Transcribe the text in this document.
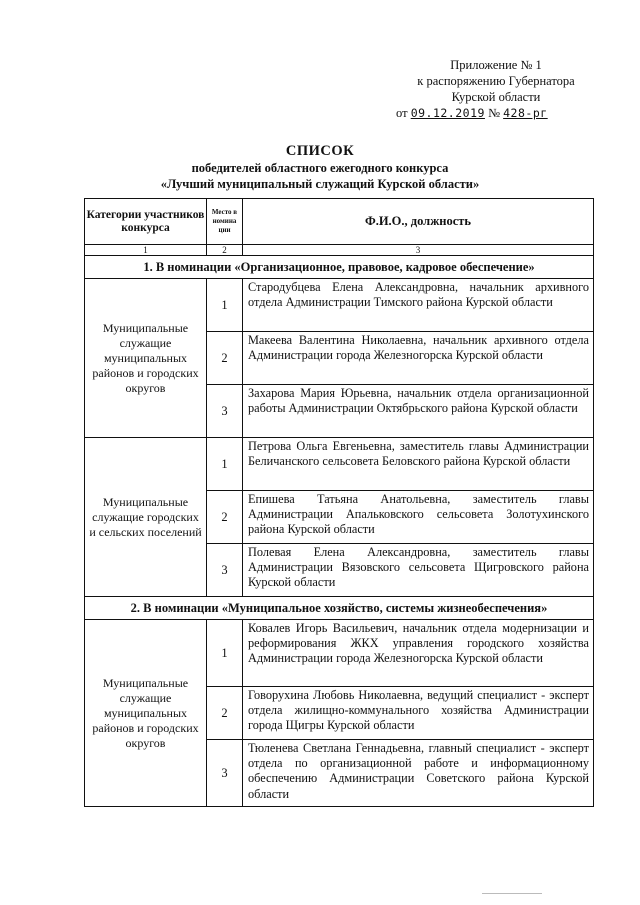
Приложение № 1
к распоряжению Губернатора
Курской области
от 09.12.2019 № 428-рг
СПИСОК
победителей областного ежегодного конкурса
«Лучший муниципальный служащий Курской области»
Категории участников конкурса	Место в номина ции	Ф.И.О., должность
1	2	3
1. В номинации «Организационное, правовое, кадровое обеспечение»		
Муниципальные служащие муниципальных районов и городских округов	1	Стародубцева Елена Александровна, начальник архивного отдела Администрации Тимского района Курской области
	2	Макеева Валентина Николаевна, начальник архивного отдела Администрации города Железногорска Курской области
	3	Захарова Мария Юрьевна, начальник отдела организационной работы Администрации Октябрьского района Курской области
Муниципальные служащие городских и сельских поселений	1	Петрова Ольга Евгеньевна, заместитель главы Администрации Беличанского сельсовета Беловского района Курской области
	2	Епишева Татьяна Анатольевна, заместитель главы Администрации Апальковского сельсовета Золотухинского района Курской области
	3	Полевая Елена Александровна, заместитель главы Администрации Вязовского сельсовета Щигровского района Курской области
2. В номинации «Муниципальное хозяйство, системы жизнеобеспечения»		
Муниципальные служащие муниципальных районов и городских округов	1	Ковалев Игорь Васильевич, начальник отдела модернизации и реформирования ЖКХ управления городского хозяйства Администрации города Железногорска Курской области
	2	Говорухина Любовь Николаевна, ведущий специалист - эксперт отдела жилищно-коммунального хозяйства Администрации города Щигры Курской области
	3	Тюленева Светлана Геннадьевна, главный специалист - эксперт отдела по организационной работе и информационному обеспечению Администрации Советского района Курской области
